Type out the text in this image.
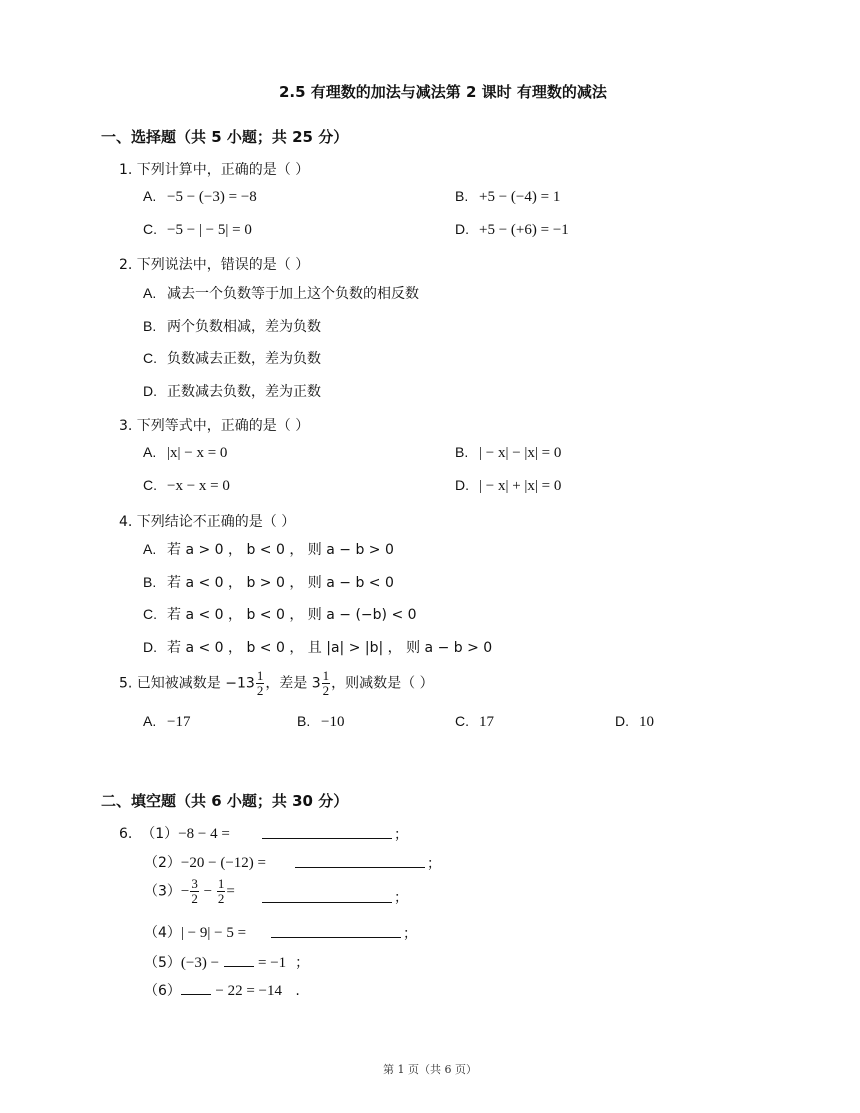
2.5 有理数的加法与减法第 2 课时 有理数的减法
一、选择题（共 5 小题；共 25 分）
1. 下列计算中，正确的是（ ）
A. −5 − (−3) = −8	B. +5 − (−4) = 1
C. −5 − | − 5| = 0	D. +5 − (+6) = −1
2. 下列说法中，错误的是（ ）
A. 减去一个负数等于加上这个负数的相反数
B. 两个负数相减，差为负数
C. 负数减去正数，差为负数
D. 正数减去负数，差为正数
3. 下列等式中，正确的是（ ）
A. |x| − x = 0	B. | − x| − |x| = 0
C. −x − x = 0	D. | − x| + |x| = 0
4. 下列结论不正确的是（ ）
A. 若 a > 0 ， b < 0 ， 则 a − b > 0
B. 若 a < 0 ， b > 0 ， 则 a − b < 0
C. 若 a < 0 ， b < 0 ， 则 a − (−b) < 0
D. 若 a < 0 ， b < 0 ， 且 |a| > |b| ， 则 a − b > 0
5. 已知被减数是 $-13 \frac{1}{2}$ ，差是 $3 \frac{1}{2}$ ，则减数是（ ）
A. −17	B. −10	C. 17	D. 10
二、填空题（共 6 小题；共 30 分）
6. （1）−8 − 4 =	；
（2）−20 − (−12) =	；
$(3)- \frac{3}{2} - \frac{1}{2}$ =	；
（4）| − 9| − 5 =	；
（5）(−3) −	= −1 ；
（6） − 22 = −14 .
第 1 页（共 6 页）
